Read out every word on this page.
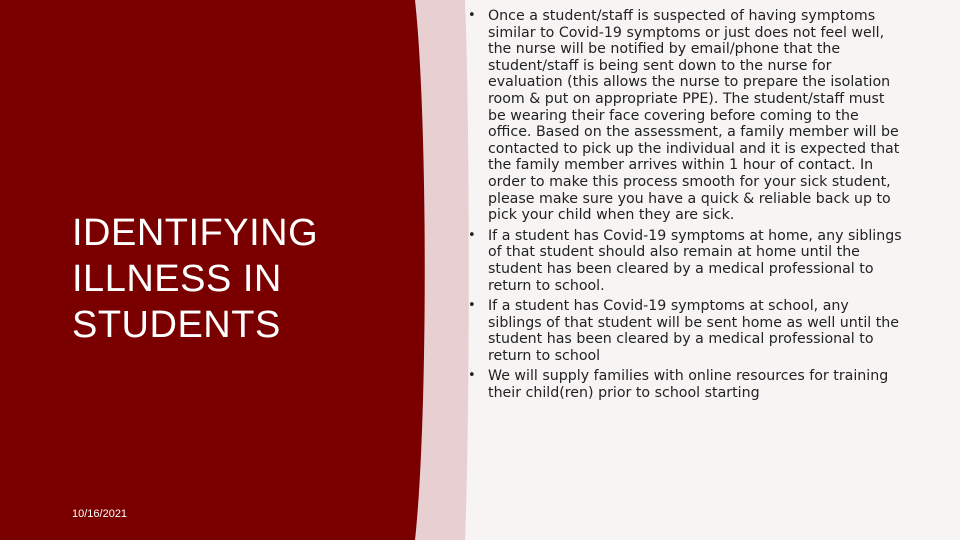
IDENTIFYING
ILLNESS IN
STUDENTS
10/16/2021
• Once a student/staff is suspected of having symptoms similar to Covid-19 symptoms or just does not feel well, the nurse will be notified by email/phone that the student/staff is being sent down to the nurse for evaluation (this allows the nurse to prepare the isolation room & put on appropriate PPE). The student/staff must be wearing their face covering before coming to the office. Based on the assessment, a family member will be contacted to pick up the individual and it is expected that the family member arrives within 1 hour of contact. In order to make this process smooth for your sick student, please make sure you have a quick & reliable back up to pick your child when they are sick.
• If a student has Covid-19 symptoms at home, any siblings of that student should also remain at home until the student has been cleared by a medical professional to return to school.
• If a student has Covid-19 symptoms at school, any siblings of that student will be sent home as well until the student has been cleared by a medical professional to return to school
• We will supply families with online resources for training their child(ren) prior to school starting
